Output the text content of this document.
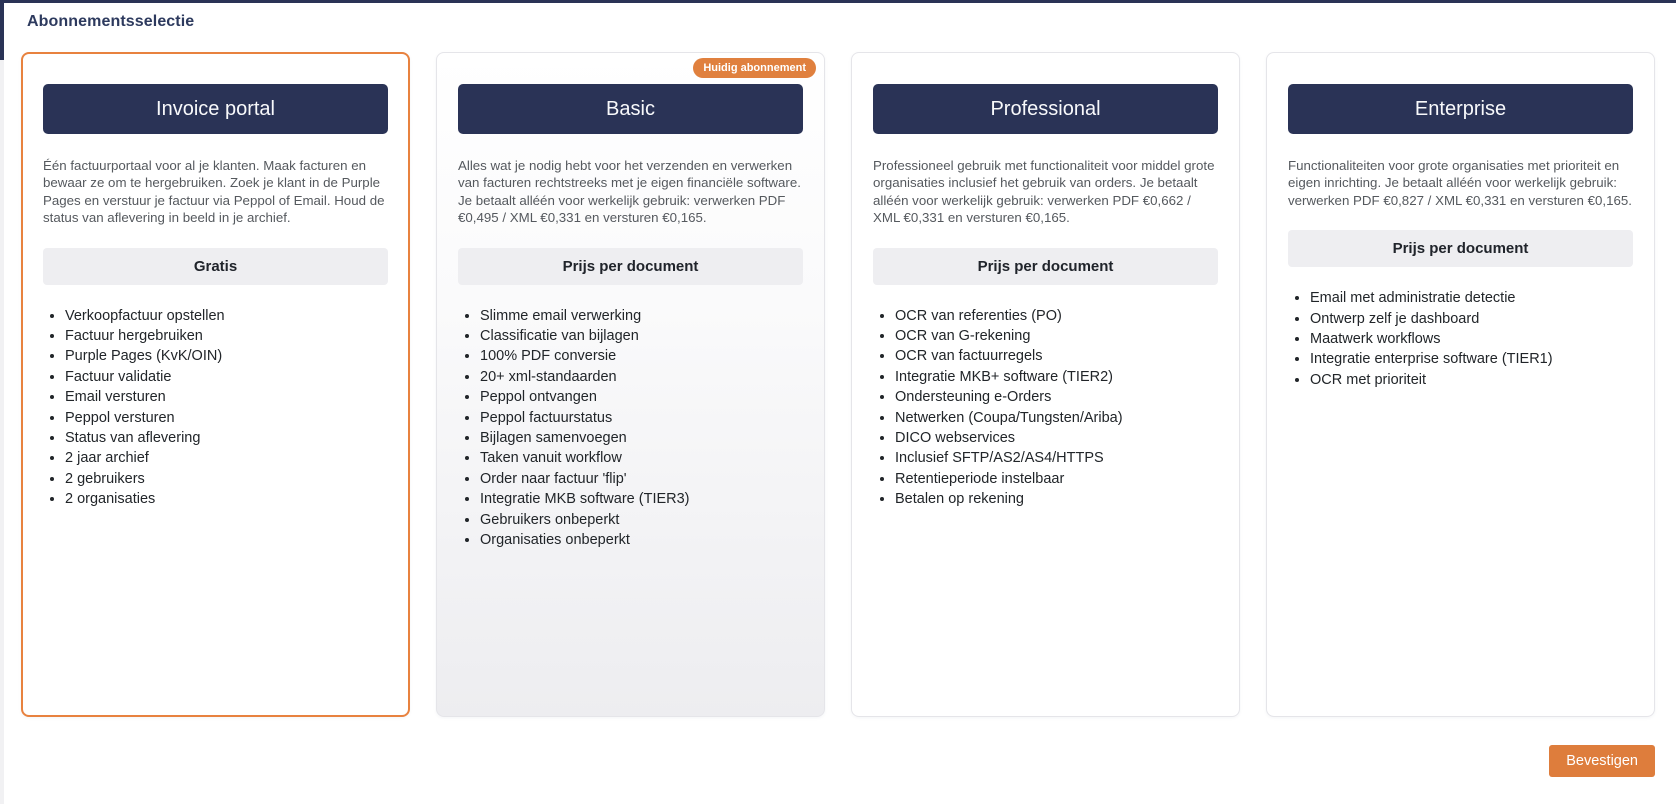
Abonnementsselectie
Invoice portal

Één factuurportaal voor al je klanten. Maak facturen en bewaar ze om te hergebruiken. Zoek je klant in de Purple Pages en verstuur je factuur via Peppol of Email. Houd de status van aflevering in beeld in je archief.

Gratis
• Verkoopfactuur opstellen
• Factuur hergebruiken
• Purple Pages (KvK/OIN)
• Factuur validatie
• Email versturen
• Peppol versturen
• Status van aflevering
• 2 jaar archief
• 2 gebruikers
• 2 organisaties
Huidig abonnement
Basic

Alles wat je nodig hebt voor het verzenden en verwerken van facturen rechtstreeks met je eigen financiële software. Je betaalt alléén voor werkelijk gebruik: verwerken PDF €0,495 / XML €0,331 en versturen €0,165.

Prijs per document
• Slimme email verwerking
• Classificatie van bijlagen
• 100% PDF conversie
• 20+ xml-standaarden
• Peppol ontvangen
• Peppol factuurstatus
• Bijlagen samenvoegen
• Taken vanuit workflow
• Order naar factuur 'flip'
• Integratie MKB software (TIER3)
• Gebruikers onbeperkt
• Organisaties onbeperkt
Professional

Professioneel gebruik met functionaliteit voor middel grote organisaties inclusief het gebruik van orders. Je betaalt alléén voor werkelijk gebruik: verwerken PDF €0,662 / XML €0,331 en versturen €0,165.

Prijs per document
• OCR van referenties (PO)
• OCR van G-rekening
• OCR van factuurregels
• Integratie MKB+ software (TIER2)
• Ondersteuning e-Orders
• Netwerken (Coupa/Tungsten/Ariba)
• DICO webservices
• Inclusief SFTP/AS2/AS4/HTTPS
• Retentieperiode instelbaar
• Betalen op rekening
Enterprise

Functionaliteiten voor grote organisaties met prioriteit en eigen inrichting. Je betaalt alléén voor werkelijk gebruik: verwerken PDF €0,827 / XML €0,331 en versturen €0,165.

Prijs per document
• Email met administratie detectie
• Ontwerp zelf je dashboard
• Maatwerk workflows
• Integratie enterprise software (TIER1)
• OCR met prioriteit
Bevestigen
